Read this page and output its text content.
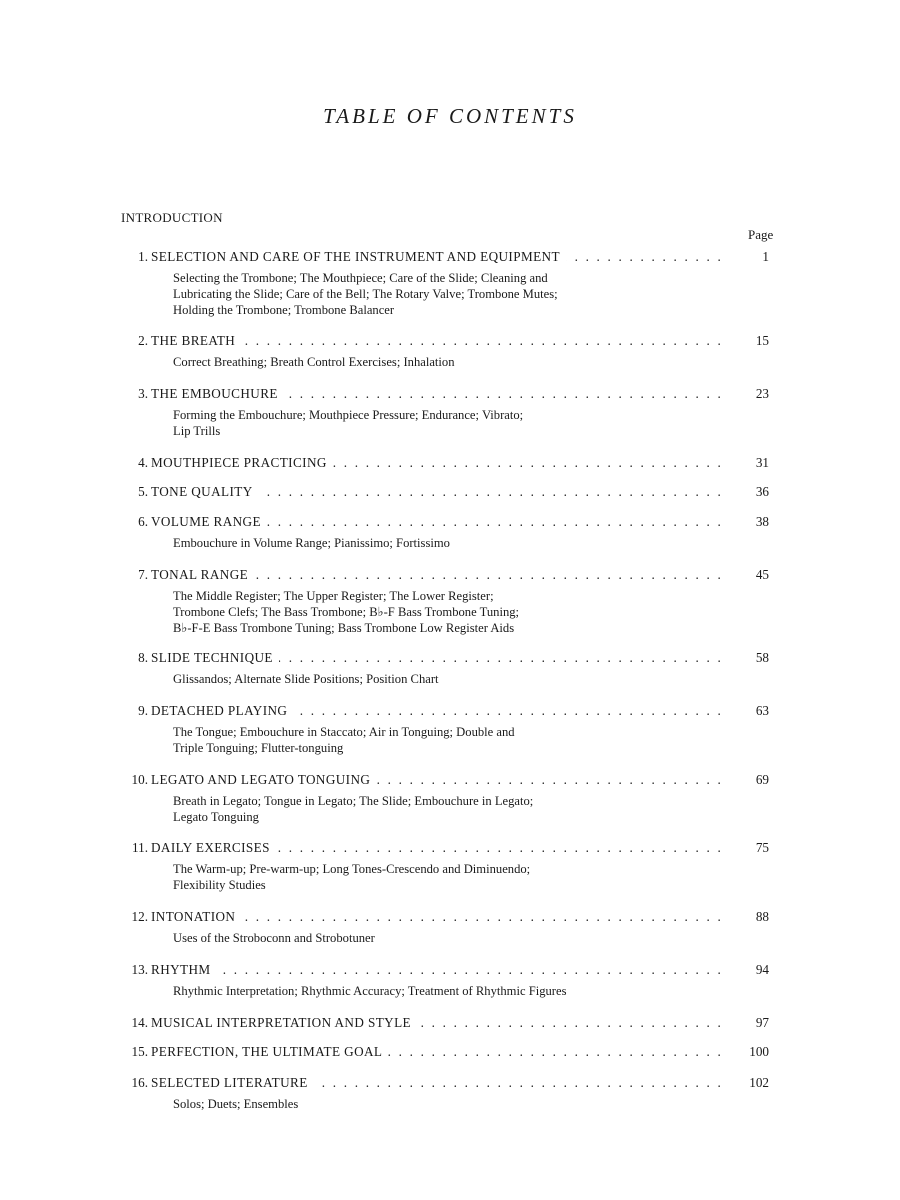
TABLE OF CONTENTS
INTRODUCTION
Page
1. SELECTION AND CARE OF THE INSTRUMENT AND EQUIPMENT . . .	1
Selecting the Trombone; The Mouthpiece; Care of the Slide; Cleaning and
Lubricating the Slide; Care of the Bell; The Rotary Valve; Trombone Mutes;
Holding the Trombone; Trombone Balancer
2. THE BREATH . . .	15
Correct Breathing; Breath Control Exercises; Inhalation
3. THE EMBOUCHURE . . .	23
Forming the Embouchure; Mouthpiece Pressure; Endurance; Vibrato;
Lip Trills
4. MOUTHPIECE PRACTICING . . .	31
5. TONE QUALITY . . .	36
6. VOLUME RANGE . . .	38
Embouchure in Volume Range; Pianissimo; Fortissimo
7. TONAL RANGE . . .	45
The Middle Register; The Upper Register; The Lower Register;
Trombone Clefs; The Bass Trombone; B♭-F Bass Trombone Tuning;
B♭-F-E Bass Trombone Tuning; Bass Trombone Low Register Aids
8. SLIDE TECHNIQUE . . .	58
Glissandos; Alternate Slide Positions; Position Chart
9. DETACHED PLAYING . . .	63
The Tongue; Embouchure in Staccato; Air in Tonguing; Double and
Triple Tonguing; Flutter-tonguing
10. LEGATO AND LEGATO TONGUING . . .	69
Breath in Legato; Tongue in Legato; The Slide; Embouchure in Legato;
Legato Tonguing
11. DAILY EXERCISES . . .	75
The Warm-up; Pre-warm-up; Long Tones-Crescendo and Diminuendo;
Flexibility Studies
12. INTONATION . . .	88
Uses of the Stroboconn and Strobotuner
13. RHYTHM . . .	94
Rhythmic Interpretation; Rhythmic Accuracy; Treatment of Rhythmic Figures
14. MUSICAL INTERPRETATION AND STYLE . . .	97
15. PERFECTION, THE ULTIMATE GOAL . . .	100
16. SELECTED LITERATURE . . .	102
Solos; Duets; Ensembles
